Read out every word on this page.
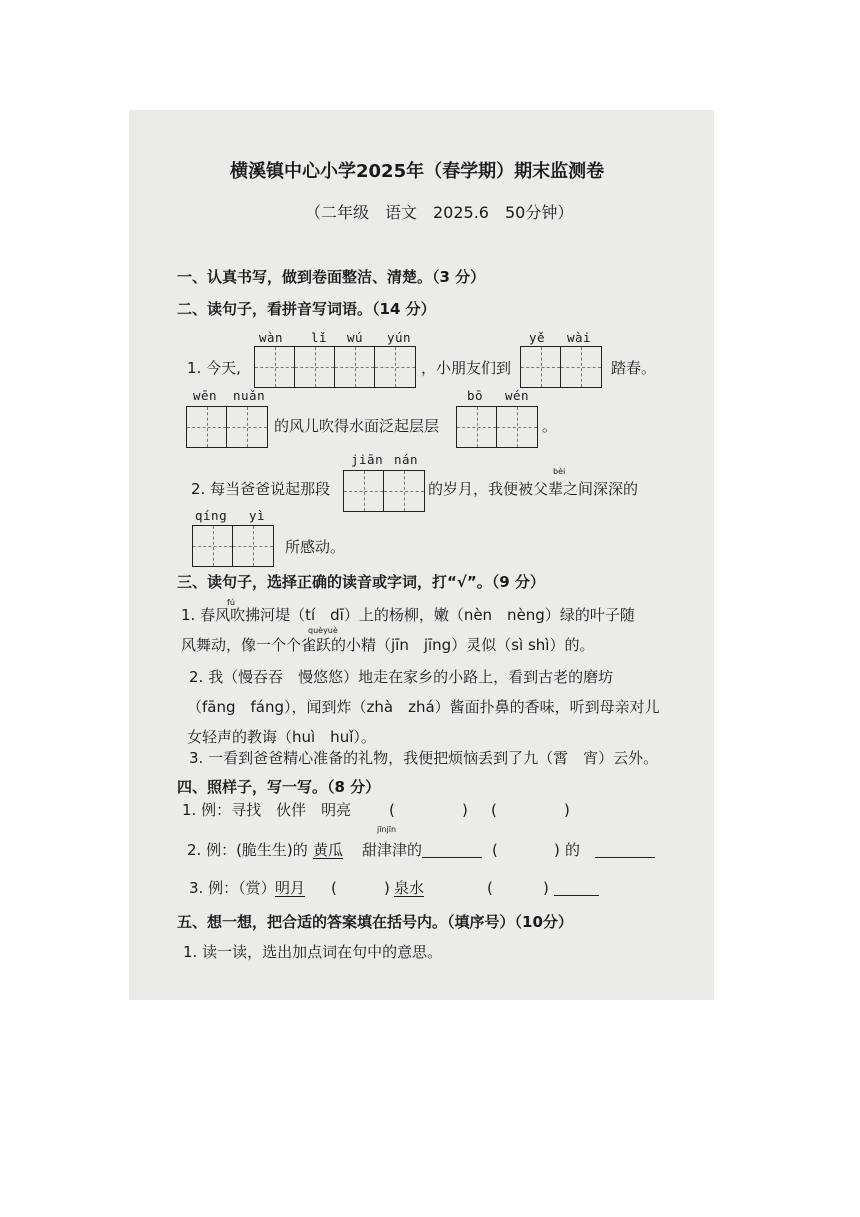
横溪镇中心小学2025年（春学期）期末监测卷
（二年级　语文　2025.6　50分钟）
一、认真书写，做到卷面整洁、清楚。（3 分）
二、读句子，看拼音写词语。（14 分）
wàn lǐ wú yún
1. 今天,	，小朋友们到
yě wài
踏春。
wēn nuǎn
的风儿吹得水面泛起层层
bō wén
。
jiān nán
2. 每当爸爸说起那段
bèi
的岁月，我便被父辈之间深深的
qíng yì
所感动。
三、读句子，选择正确的读音或字词，打“√”。（9 分）
fú
1. 春风吹拂河堤（tí　dī）上的杨柳，嫩（nèn　nèng）绿的叶子随
quèyuè
风舞动，像一个个雀跃的小精（jīn　jīng）灵似（sì shì）的。
2. 我（慢吞吞　慢悠悠）地走在家乡的小路上，看到古老的磨坊
（fāng　fáng），闻到炸（zhà　zhá）酱面扑鼻的香味，听到母亲对儿
女轻声的教诲（huì　huǐ）。
3. 一看到爸爸精心准备的礼物，我便把烦恼丢到了九（霄　宵）云外。
四、照样子，写一写。（8 分）
1. 例：寻找　伙伴　明亮	(	) (	)
jīnjīn
2. 例：(脆生生)的 黄瓜 甜津津的	(	) 的
3. 例：（赏） 明月 (	) 泉水	(	)
五、想一想，把合适的答案填在括号内。（填序号）（10分）
1. 读一读，选出加点词在句中的意思。
